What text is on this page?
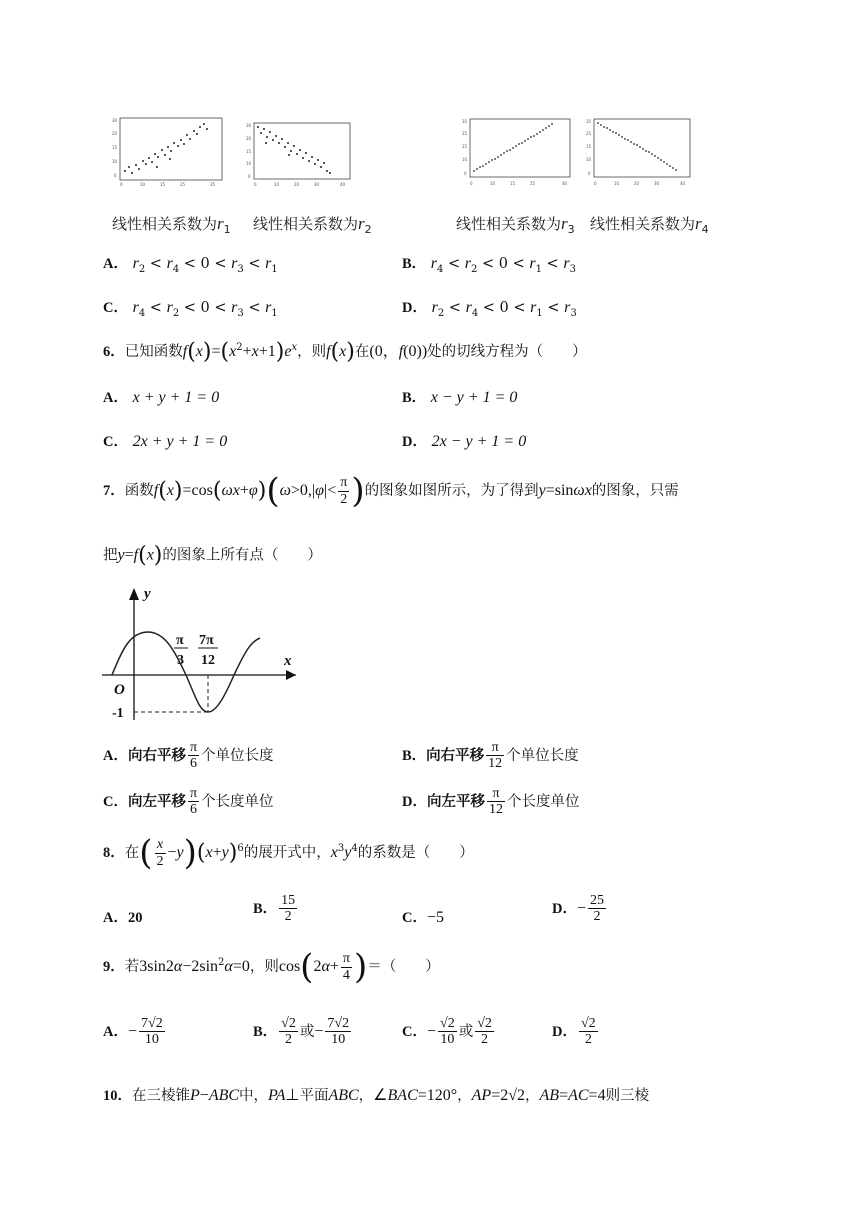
30
20
15
10
0
0	10	15	25	35
30
20
15
10
0
0	10	20	30	40
35
25
15
10
0
0	10	15	25	40
35
25
15
10
0
0	10	20	30	40
线性相关系数为$r_1$ 线性相关系数为$r_2$	线性相关系数为$r_3$ 线性相关系数为$r_4$
A． $r_2 < r_4 < 0 < r_3 < r_1$	B． $r_4 < r_2 < 0 < r_1 < r_3$
C． $r_4 < r_2 < 0 < r_3 < r_1$	D． $r_2 < r_4 < 0 < r_1 < r_3$
6．已知函数$f(x)=(x^2+x+1)e^x$，则f(x)在(0，f(0))处的切线方程为（　　）
A． x + y + 1 = 0	B． x − y + 1 = 0
C． 2x + y + 1 = 0	D． 2x − y + 1 = 0
7．函数$f(x)=\cos(\omega x+\varphi)(\omega>0,|\varphi|< \frac{\pi}{2}$ )的图象如图所示，为了得到y=sinωx的图象，只需
把y=f(x)的图象上所有点（　　）
y
x
O
π
3
7π
12
-1
A．向右平移 $\frac{\pi}{6}$ 个单位长度	B．向右平移 $\frac{\pi}{12}$ 个单位长度
C．向左平移 $\frac{\pi}{6}$ 个长度单位	D．向左平移 $\frac{\pi}{12}$ 个长度单位
8．在( $\frac{x}{2} -y)(x+y)^6$的展开式中，$x^3y^4$的系数是（　　）
A．20
B． $\frac{15}{2}$	C．−5
D．− $\frac{25}{2}$
9．若$3\sin 2\alpha-2\sin^2\alpha=0$，则$\cos(2\alpha+ \frac{\pi}{4}$ )＝（　　）
A．− $\frac{7√2}{10}$	B． $\frac{√2}{2}$ 或− $\frac{7√2}{10}$	C．− $\frac{√2}{10}$ 或 $\frac{√2}{2}$	D． $\frac{√2}{2}$
10．在三棱锥P−ABC中，PA⊥平面ABC，∠BAC=120°，AP=2√2，AB=AC=4则三棱
